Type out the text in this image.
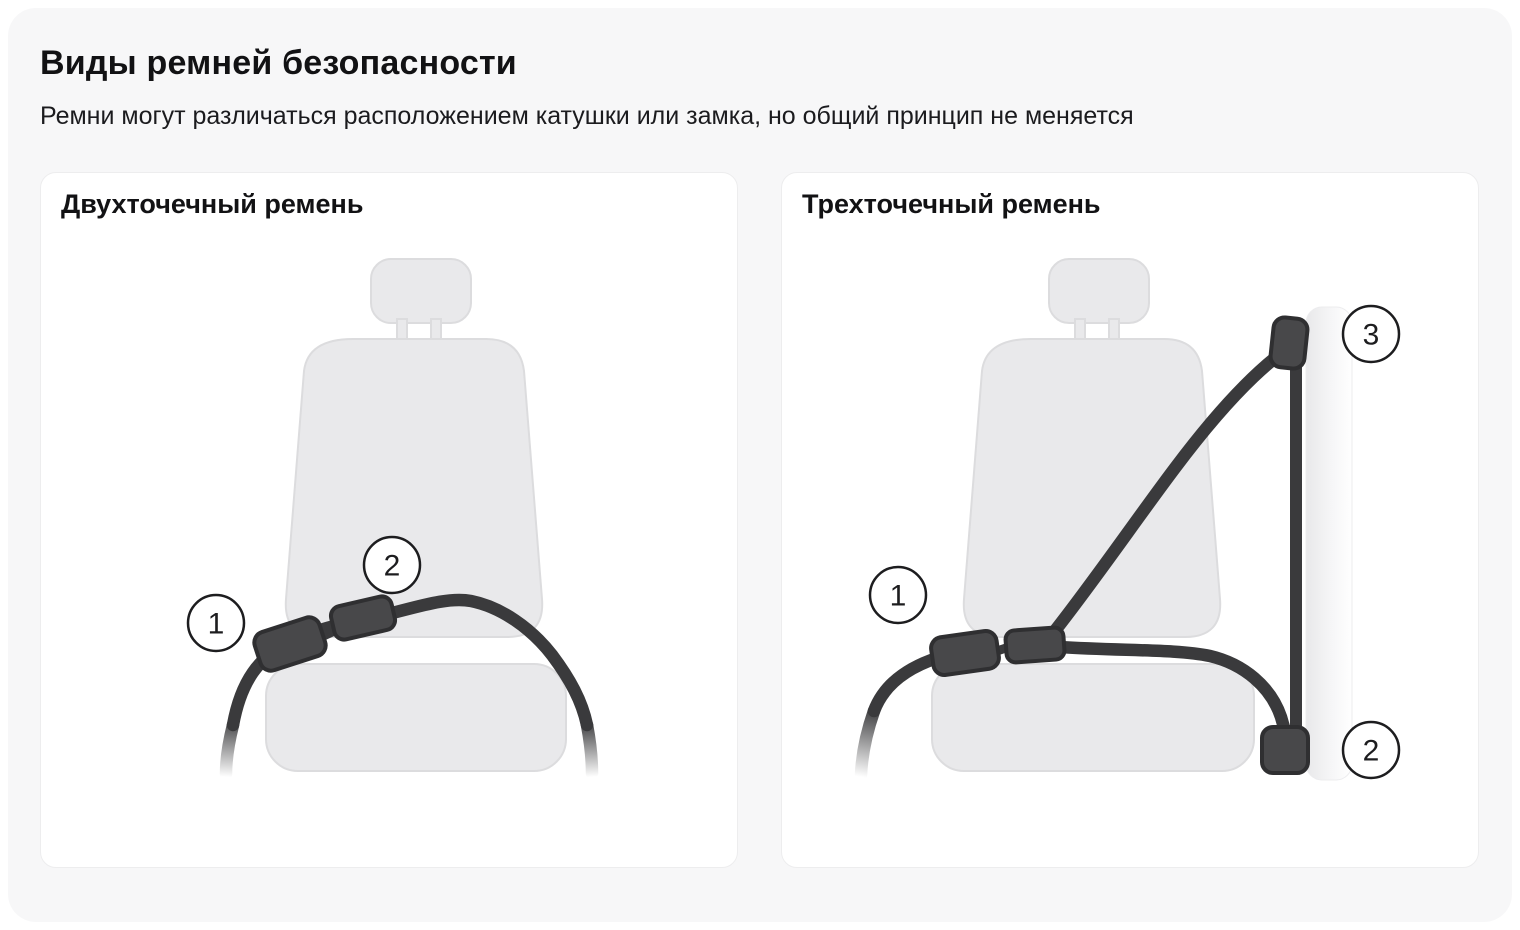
Виды ремней безопасности

Ремни могут различаться расположением катушки или замка, но общий принцип не меняется

Двухточечный ремень
1
2
Трехточечный ремень
1
2
3
